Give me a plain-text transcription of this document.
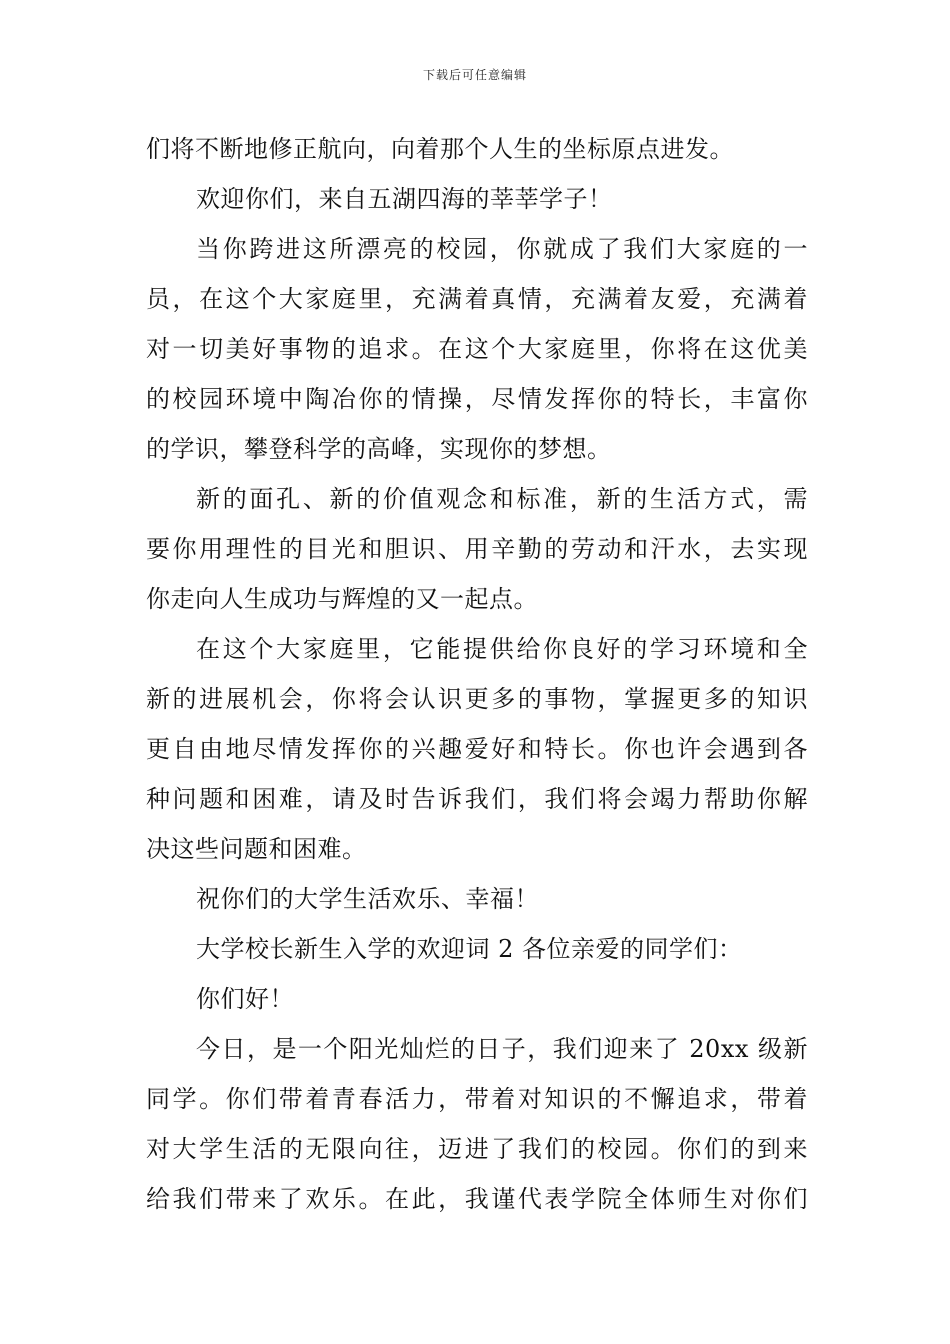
下载后可任意编辑
们将不断地修正航向，向着那个人生的坐标原点进发。
欢迎你们，来自五湖四海的莘莘学子！
当你跨进这所漂亮的校园，你就成了我们大家庭的一
员，在这个大家庭里，充满着真情，充满着友爱，充满着
对一切美好事物的追求。在这个大家庭里，你将在这优美
的校园环境中陶冶你的情操，尽情发挥你的特长，丰富你
的学识，攀登科学的高峰，实现你的梦想。
新的面孔、新的价值观念和标准，新的生活方式，需
要你用理性的目光和胆识、用辛勤的劳动和汗水，去实现
你走向人生成功与辉煌的又一起点。
在这个大家庭里，它能提供给你良好的学习环境和全
新的进展机会，你将会认识更多的事物，掌握更多的知识
更自由地尽情发挥你的兴趣爱好和特长。你也许会遇到各
种问题和困难，请及时告诉我们，我们将会竭力帮助你解
决这些问题和困难。
祝你们的大学生活欢乐、幸福！
大学校长新生入学的欢迎词 2 各位亲爱的同学们：
你们好！
今日，是一个阳光灿烂的日子，我们迎来了 20xx 级新
同学。你们带着青春活力，带着对知识的不懈追求，带着
对大学生活的无限向往，迈进了我们的校园。你们的到来
给我们带来了欢乐。在此，我谨代表学院全体师生对你们
